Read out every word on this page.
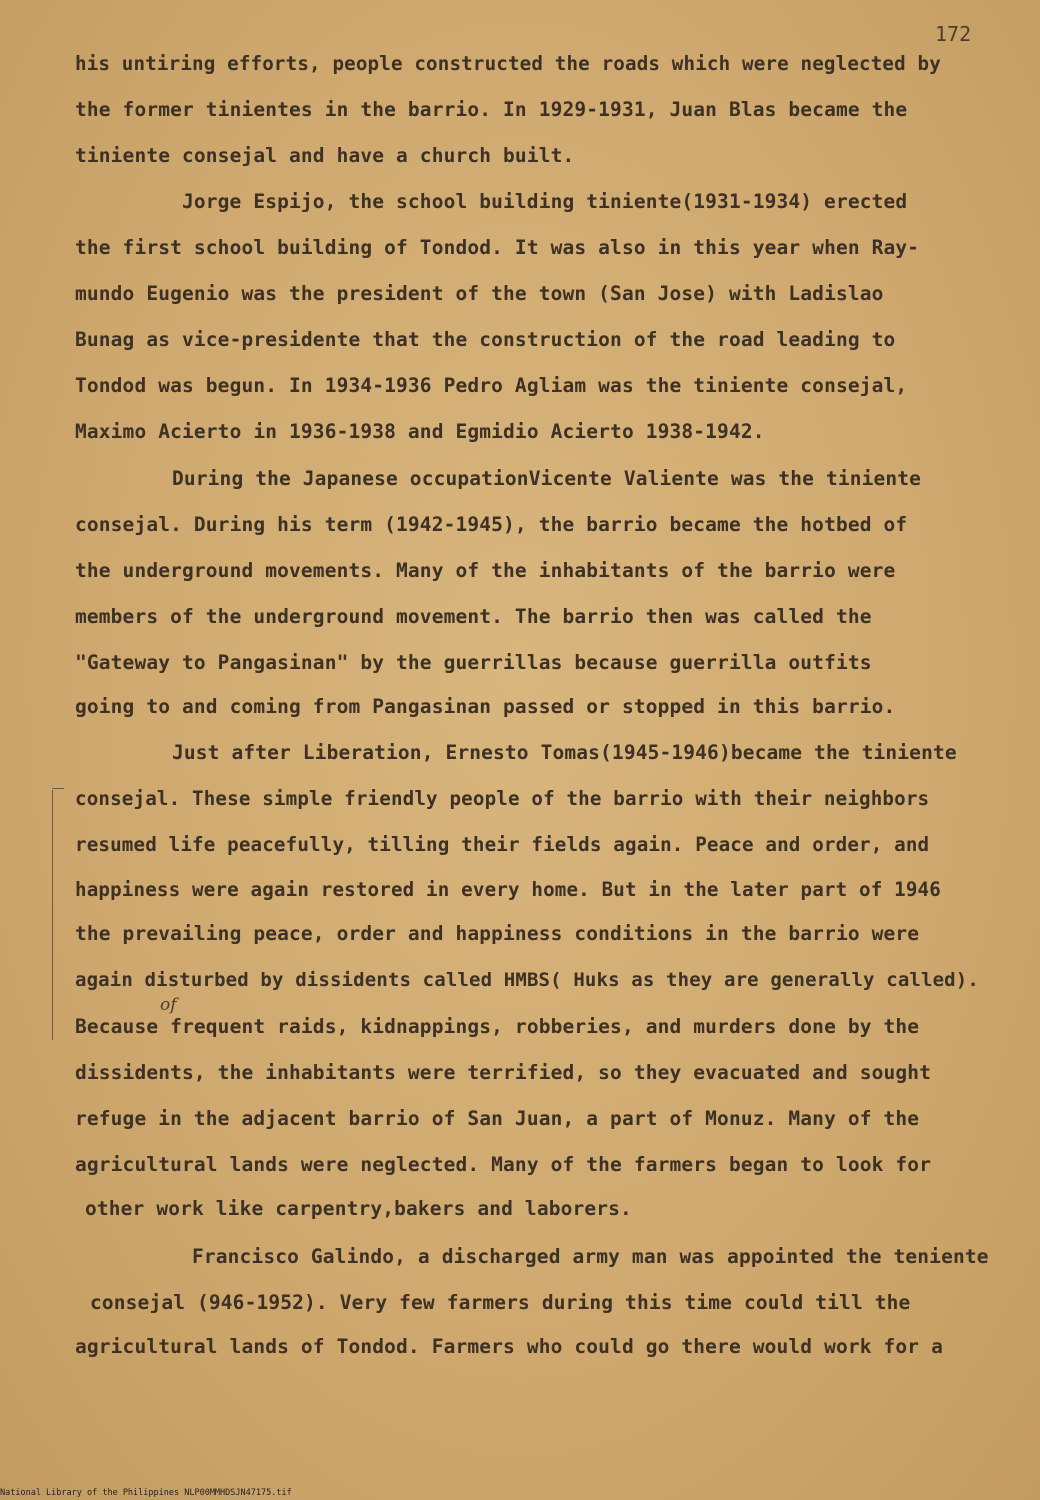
172
his untiring efforts, people constructed the roads which were neglected by
the former tinientes in the barrio. In 1929-1931, Juan Blas became the
tiniente consejal and have a church built.
Jorge Espijo, the school building tiniente(1931-1934) erected
the first school building of Tondod. It was also in this year when Ray-
mundo Eugenio was the president of the town (San Jose) with Ladislao
Bunag as vice-presidente that the construction of the road leading to
Tondod was begun. In 1934-1936 Pedro Agliam was the tiniente consejal,
Maximo Acierto in 1936-1938 and Egmidio Acierto 1938-1942.
During the Japanese occupationVicente Valiente was the tiniente
consejal. During his term (1942-1945), the barrio became the hotbed of
the underground movements. Many of the inhabitants of the barrio were
members of the underground movement. The barrio then was called the
"Gateway to Pangasinan" by the guerrillas because guerrilla outfits
going to and coming from Pangasinan passed or stopped in this barrio.
Just after Liberation, Ernesto Tomas(1945-1946)became the tiniente
consejal. These simple friendly people of the barrio with their neighbors
resumed life peacefully, tilling their fields again. Peace and order, and
happiness were again restored in every home. But in the later part of 1946
the prevailing peace, order and happiness conditions in the barrio were
again disturbed by dissidents called HMBS( Huks as they are generally called).
of
Because frequent raids, kidnappings, robberies, and murders done by the
dissidents, the inhabitants were terrified, so they evacuated and sought
refuge in the adjacent barrio of San Juan, a part of Monuz. Many of the
agricultural lands were neglected. Many of the farmers began to look for
other work like carpentry,bakers and laborers.
Francisco Galindo, a discharged army man was appointed the teniente
consejal (946-1952). Very few farmers during this time could till the
agricultural lands of Tondod. Farmers who could go there would work for a
National Library of the Philippines NLP00MMHDSJN47175.tif
